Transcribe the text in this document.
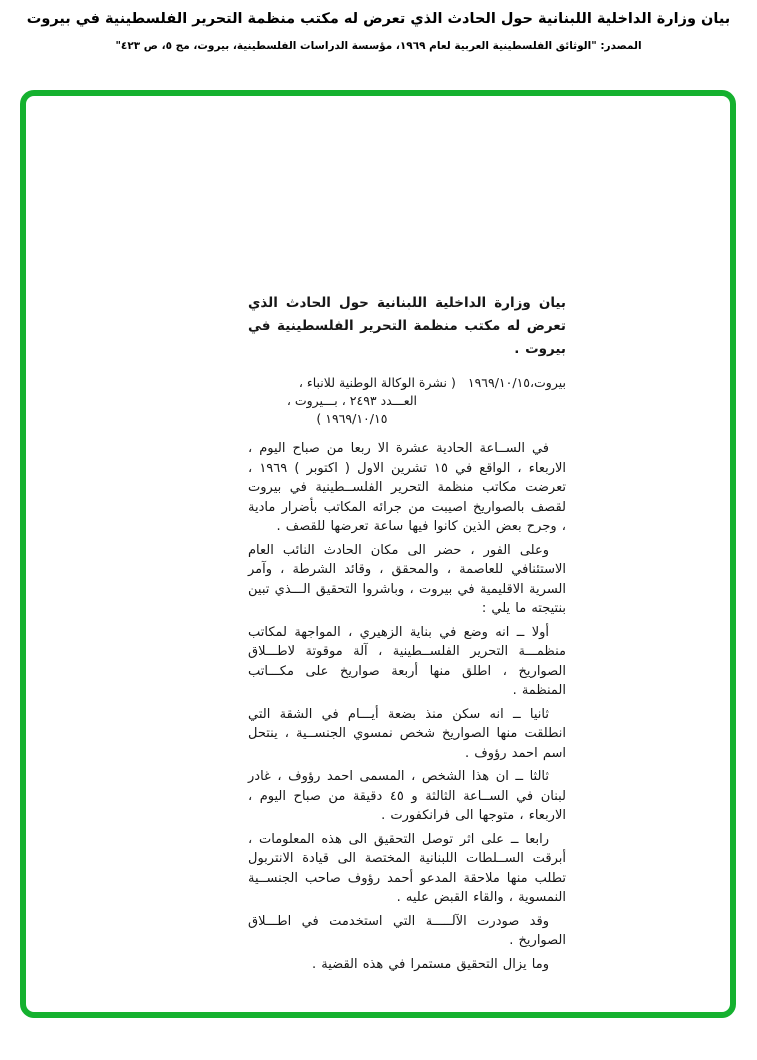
بيان وزارة الداخلية اللبنانية حول الحادث الذي تعرض له مكتب منظمة التحرير الفلسطينية في بيروت
المصدر: "الوثائق الفلسطينية العربية لعام ١٩٦٩، مؤسسة الدراسات الفلسطينية، بيروت، مج ٥، ص ٤٢٣"
بيان وزارة الداخلية اللبنانية حول الحادث الذي تعرض له مكتب منظمة التحرير الفلسطينية في بيروت .
بيروت،١٩٦٩/١٠/١٥
( نشرة الوكالة الوطنية للانباء ،
العـــدد ٢٤٩٣ ، بـــيروت ،
١٩٦٩/١٠/١٥ )
في الســاعة الحادية عشرة الا ربعا من صباح اليوم ، الاربعاء ، الواقع في ١٥ تشرين الاول ( اكتوبر ) ١٩٦٩ ، تعرضت مكاتب منظمة التحرير الفلســطينية في بيروت لقصف بالصواريخ اصيبت من جرائه المكاتب بأضرار مادية ، وجرح بعض الذين كانوا فيها ساعة تعرضها للقصف .
وعلى الفور ، حضر الى مكان الحادث النائب العام الاستئنافي للعاصمة ، والمحقق ، وقائد الشرطة ، وآمر السرية الاقليمية في بيروت ، وباشروا التحقيق الـــذي تبين بنتيجته ما يلي :
أولا ــ انه وضع في بناية الزهيري ، المواجهة لمكاتب منظمـــة التحرير الفلســطينية ، آلة موقوتة لاطـــلاق الصواريخ ، اطلق منها أربعة صواريخ على مكـــاتب المنظمة .
ثانيا ــ انه سكن منذ بضعة أيـــام في الشقة التي انطلقت منها الصواريخ شخص نمسوي الجنســية ، ينتحل اسم احمد رؤوف .
ثالثا ــ ان هذا الشخص ، المسمى احمد رؤوف ، غادر لبنان في الســاعة الثالثة و ٤٥ دقيقة من صباح اليوم ، الاربعاء ، متوجها الى فرانكفورت .
رابعا ــ على اثر توصل التحقيق الى هذه المعلومات ، أبرقت الســلطات اللبنانية المختصة الى قيادة الانتربول تطلب منها ملاحقة المدعو أحمد رؤوف صاحب الجنســية النمسوية ، والقاء القبض عليه .
وقد صودرت الآلـــــة التي استخدمت في اطـــلاق الصواريخ .
وما يزال التحقيق مستمرا في هذه القضية .
